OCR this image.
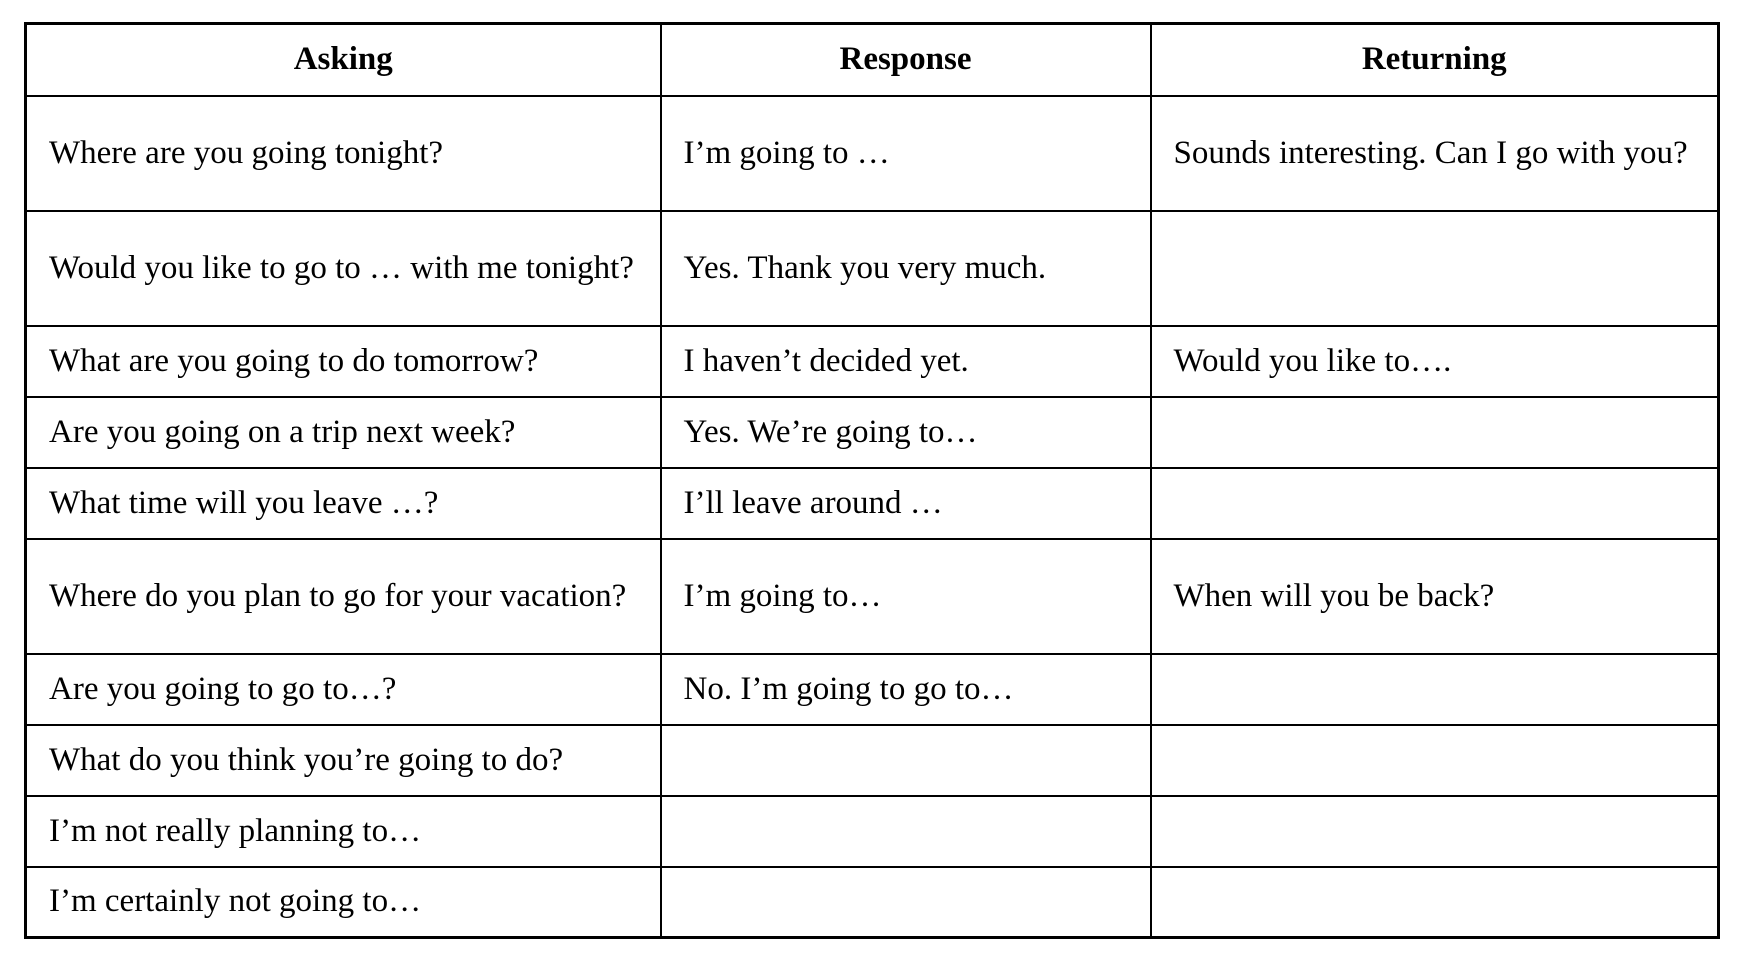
Asking	Response	Returning
Where are you going tonight?	I’m going to …	Sounds interesting. Can I go with you?
Would you like to go to … with me tonight?	Yes. Thank you very much.	
What are you going to do tomorrow?	I haven’t decided yet.	Would you like to….
Are you going on a trip next week?	Yes. We’re going to…	
What time will you leave …?	I’ll leave around …	
Where do you plan to go for your vacation?	I’m going to…	When will you be back?
Are you going to go to…?	No. I’m going to go to…	
What do you think you’re going to do?		
I’m not really planning to…		
I’m certainly not going to…		
